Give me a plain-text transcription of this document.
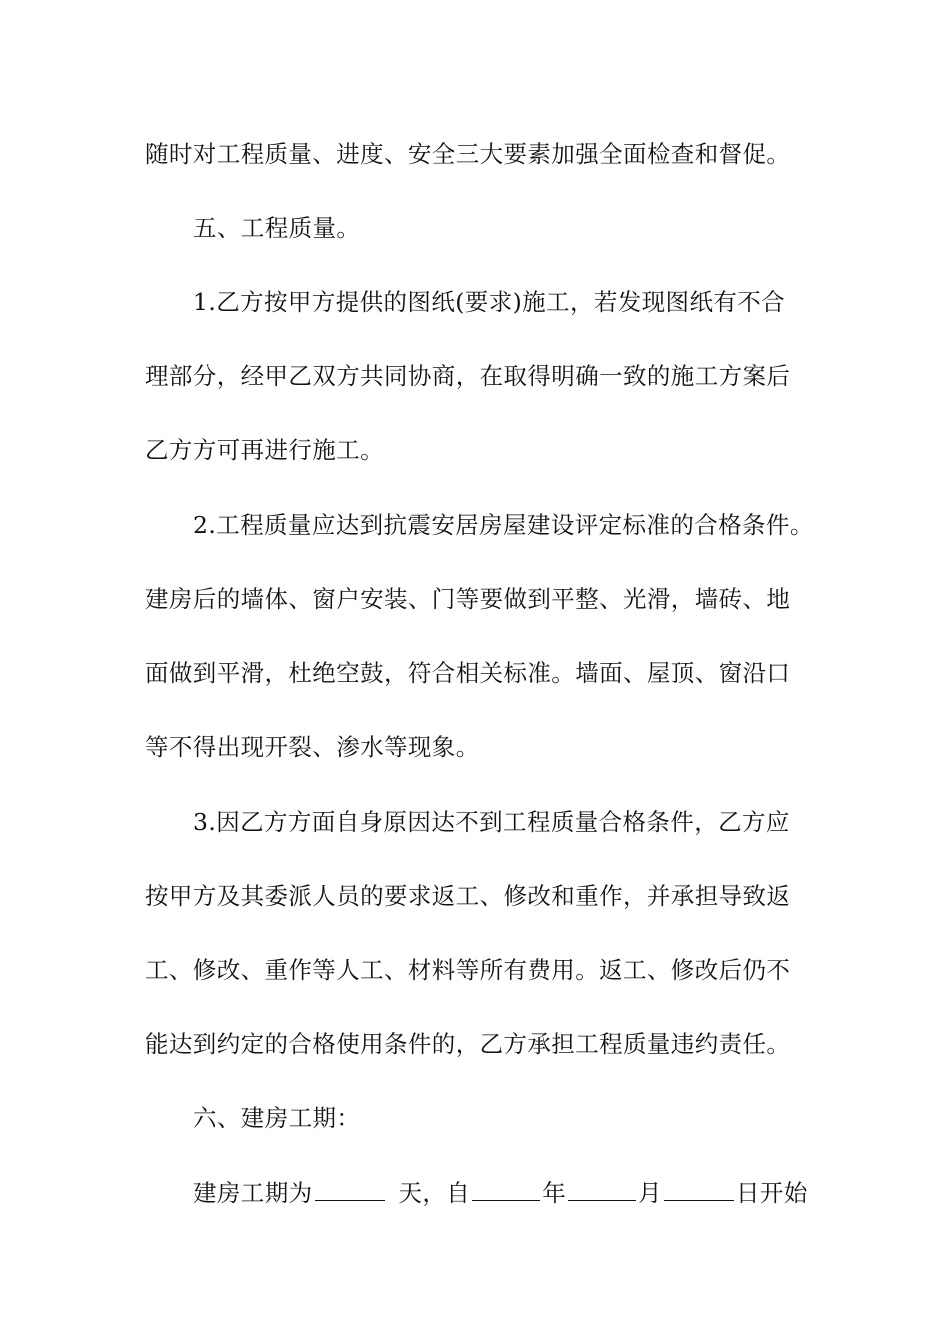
随时对工程质量、进度、安全三大要素加强全面检查和督促。
五、工程质量。
1.乙方按甲方提供的图纸(要求)施工，若发现图纸有不合
理部分，经甲乙双方共同协商，在取得明确一致的施工方案后
乙方方可再进行施工。
2.工程质量应达到抗震安居房屋建设评定标准的合格条件。
建房后的墙体、窗户安装、门等要做到平整、光滑，墙砖、地
面做到平滑，杜绝空鼓，符合相关标准。墙面、屋顶、窗沿口
等不得出现开裂、渗水等现象。
3.因乙方方面自身原因达不到工程质量合格条件，乙方应
按甲方及其委派人员的要求返工、修改和重作，并承担导致返
工、修改、重作等人工、材料等所有费用。返工、修改后仍不
能达到约定的合格使用条件的，乙方承担工程质量违约责任。
六、建房工期：
建房工期为	天，自	年	月	日开始
